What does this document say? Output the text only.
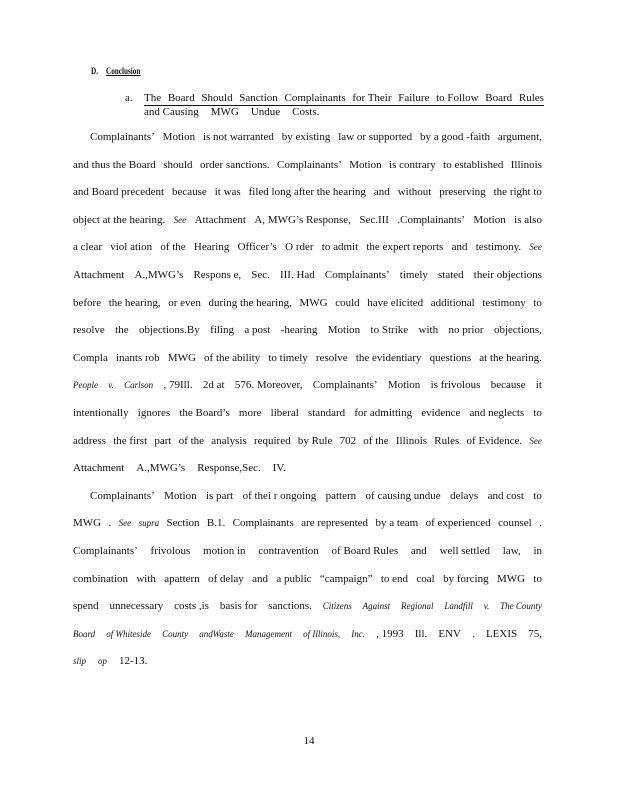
D. Conclusion
a. The Board Should Sanction Complainants for Their Failure to Follow Board Rules
and Causing MWG Undue Costs.
Complainants’ Motion is not warranted by existing law or supported by a good -faith argument,
and thus the Board should order sanctions. Complainants’ Motion is contrary to established Illinois
and Board precedent because it was filed long after the hearing and without preserving the right to
object at the hearing. See Attachment A, MWG’s Response, Sec.III .Complainants’ Motion is also
a clear viol ation of the Hearing Officer’s O rder to admit the expert reports and testimony. See
Attachment A.,MWG’s Respons e, Sec. III. Had Complainants’ timely stated their objections
before the hearing, or even during the hearing, MWG could have elicited additional testimony to
resolve the objections.By filing a post -hearing Motion to Strike with no prior objections,
Compla inants rob MWG of the ability to timely resolve the evidentiary questions at the hearing.
People v. Carlson , 79Ill. 2d at 576. Moreover, Complainants’ Motion is frivolous because it
intentionally ignores the Board’s more liberal standard for admitting evidence and neglects to
address the first part of the analysis required by Rule 702 of the Illinois Rules of Evidence. See
Attachment A.,MWG’s Response,Sec. IV.
Complainants’ Motion is part of thei r ongoing pattern of causing undue delays and cost to
MWG . See supra Section B.1. Complainants are represented by a team of experienced counsel .
Complainants’ frivolous motion in contravention of Board Rules and well settled law, in
combination with apattern of delay and a public “campaign” to end coal by forcing MWG to
spend unnecessary costs ,is basis for sanctions. Citizens Against Regional Landfill v. The County
Board of Whiteside County andWaste Management of Illinois, Inc. , 1993 Ill. ENV . LEXIS 75,
slip op 12-13.
14
